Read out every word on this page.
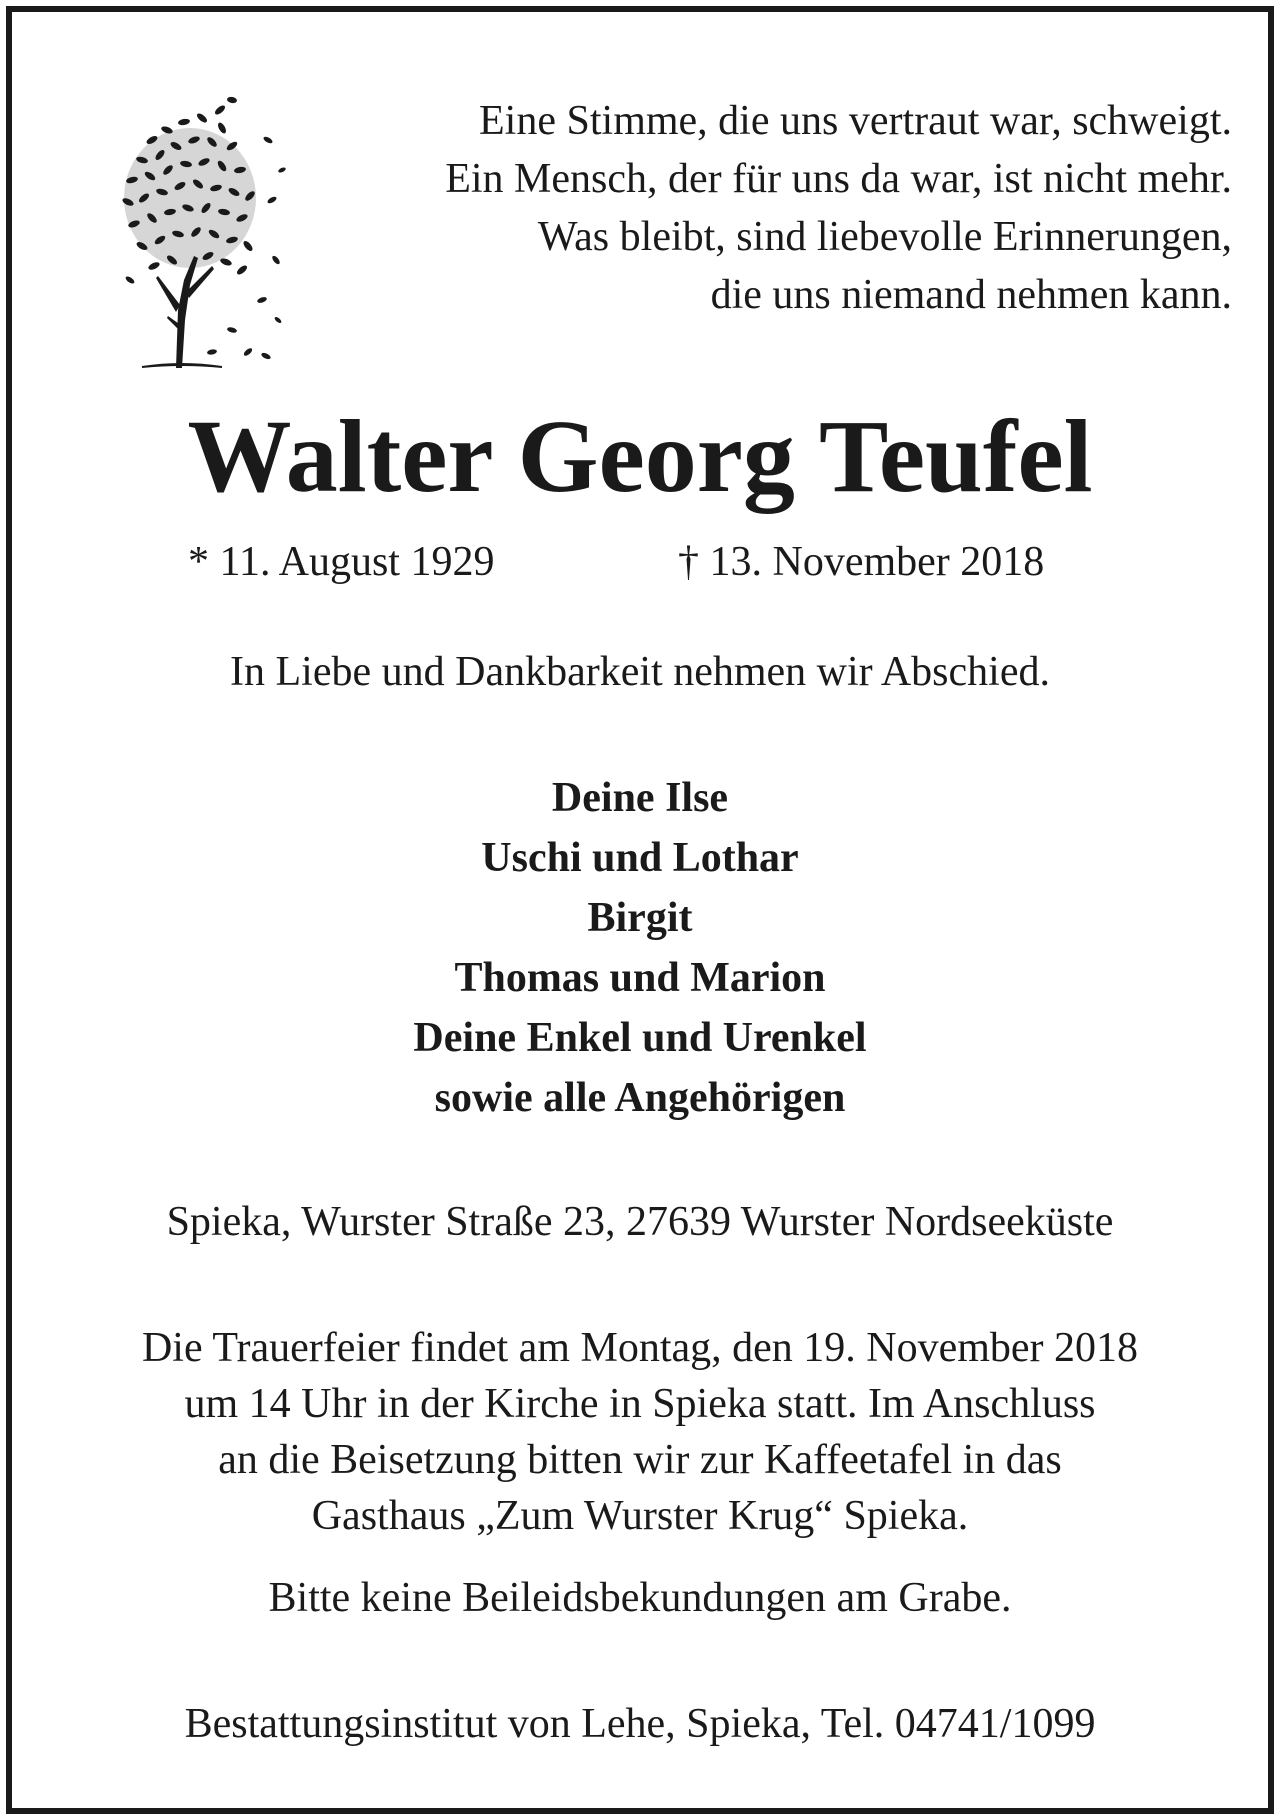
Eine Stimme, die uns vertraut war, schweigt.
Ein Mensch, der für uns da war, ist nicht mehr.
Was bleibt, sind liebevolle Erinnerungen,
die uns niemand nehmen kann.
Walter Georg Teufel
* 11. August 1929	† 13. November 2018
In Liebe und Dankbarkeit nehmen wir Abschied.
Deine Ilse
Uschi und Lothar
Birgit
Thomas und Marion
Deine Enkel und Urenkel
sowie alle Angehörigen
Spieka, Wurster Straße 23, 27639 Wurster Nordseeküste
Die Trauerfeier findet am Montag, den 19. November 2018
um 14 Uhr in der Kirche in Spieka statt. Im Anschluss
an die Beisetzung bitten wir zur Kaffeetafel in das
Gasthaus „Zum Wurster Krug“ Spieka.
Bitte keine Beileidsbekundungen am Grabe.
Bestattungsinstitut von Lehe, Spieka, Tel. 04741/1099
